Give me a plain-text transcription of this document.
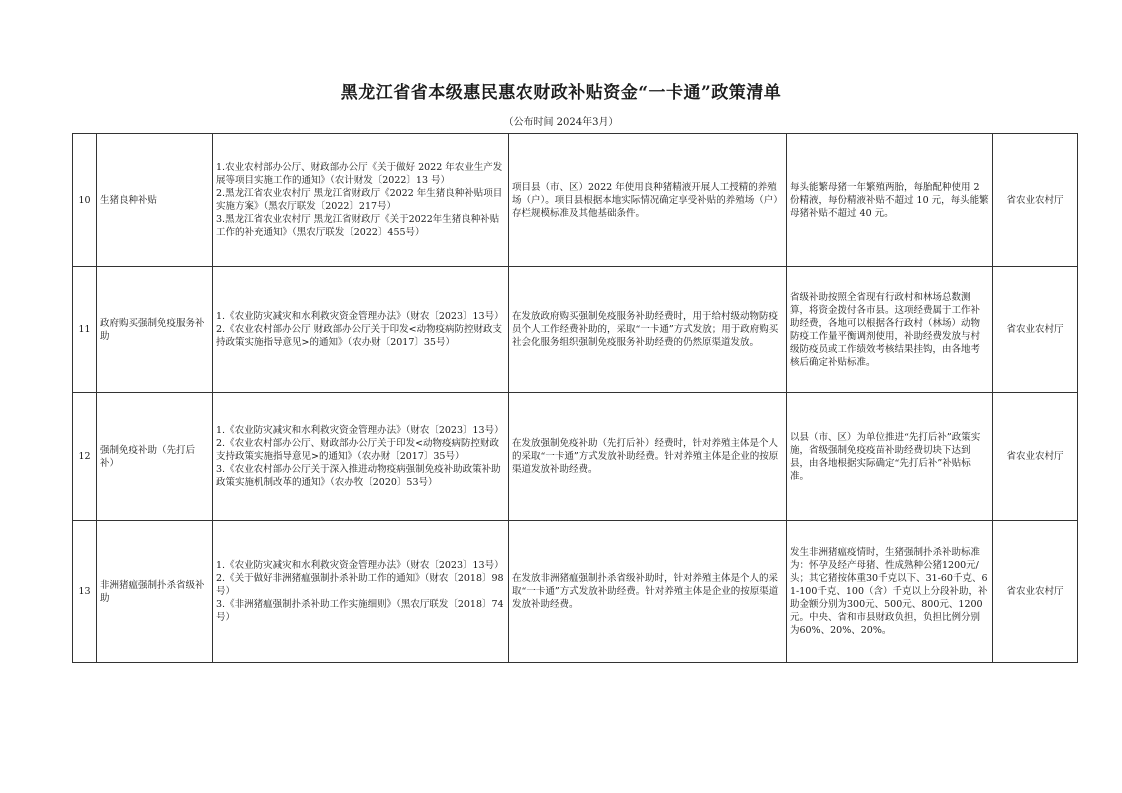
黑龙江省省本级惠民惠农财政补贴资金“一卡通”政策清单
（公布时间 2024年3月）
10	生猪良种补贴	1.农业农村部办公厅、财政部办公厅《关于做好 2022 年农业生产发展等项目实施工作的通知》（农计财发〔2022〕13 号）
2.黑龙江省农业农村厅 黑龙江省财政厅《2022 年生猪良种补贴项目实施方案》（黑农厅联发〔2022〕217号）
3.黑龙江省农业农村厅 黑龙江省财政厅《关于2022年生猪良种补贴工作的补充通知》（黑农厅联发〔2022〕455号）	项目县（市、区）2022 年使用良种猪精液开展人工授精的养殖场（户）。项目县根据本地实际情况确定享受补贴的养殖场（户）存栏规模标准及其他基础条件。	每头能繁母猪一年繁殖两胎，每胎配种使用 2 份精液，每份精液补贴不超过 10 元，每头能繁母猪补贴不超过 40 元。	省农业农村厅
11	政府购买强制免疫服务补助	1.《农业防灾减灾和水利救灾资金管理办法》（财农〔2023〕13号）
2.《农业农村部办公厅 财政部办公厅关于印发<动物疫病防控财政支持政策实施指导意见>的通知》（农办财〔2017〕35号）	在发放政府购买强制免疫服务补助经费时，用于给村级动物防疫员个人工作经费补助的，采取“一卡通”方式发放；用于政府购买社会化服务组织强制免疫服务补助经费的仍然原渠道发放。	省级补助按照全省现有行政村和林场总数测算，将资金拨付各市县。这项经费属于工作补助经费，各地可以根据各行政村（林场）动物防疫工作量平衡调剂使用，补助经费发放与村级防疫员或工作绩效考核结果挂钩，由各地考核后确定补贴标准。	省农业农村厅
12	强制免疫补助（先打后补）	1.《农业防灾减灾和水利救灾资金管理办法》（财农〔2023〕13号）
2.《农业农村部办公厅、财政部办公厅关于印发<动物疫病防控财政支持政策实施指导意见>的通知》（农办财〔2017〕35号）
3.《农业农村部办公厅关于深入推进动物疫病强制免疫补助政策补助政策实施机制改革的通知》（农办牧〔2020〕53号）	在发放强制免疫补助（先打后补）经费时，针对养殖主体是个人的采取“一卡通”方式发放补助经费。针对养殖主体是企业的按原渠道发放补助经费。	以县（市、区）为单位推进“先打后补”政策实施，省级强制免疫疫苗补助经费切块下达到县，由各地根据实际确定“先打后补”补贴标准。	省农业农村厅
13	非洲猪瘟强制扑杀省级补助	1.《农业防灾减灾和水利救灾资金管理办法》（财农〔2023〕13号）
2.《关于做好非洲猪瘟强制扑杀补助工作的通知》（财农〔2018〕98号）
3.《非洲猪瘟强制扑杀补助工作实施细则》（黑农厅联发〔2018〕74号）	在发放非洲猪瘟强制扑杀省级补助时，针对养殖主体是个人的采取“一卡通”方式发放补助经费。针对养殖主体是企业的按原渠道发放补助经费。	发生非洲猪瘟疫情时，生猪强制扑杀补助标准为：怀孕及经产母猪、性成熟种公猪1200元/头；其它猪按体重30千克以下、31-60千克、61-100千克、100（含）千克以上分段补助，补助金额分别为300元、500元、800元、1200元。中央、省和市县财政负担，负担比例分别为60%、20%、20%。	省农业农村厅
